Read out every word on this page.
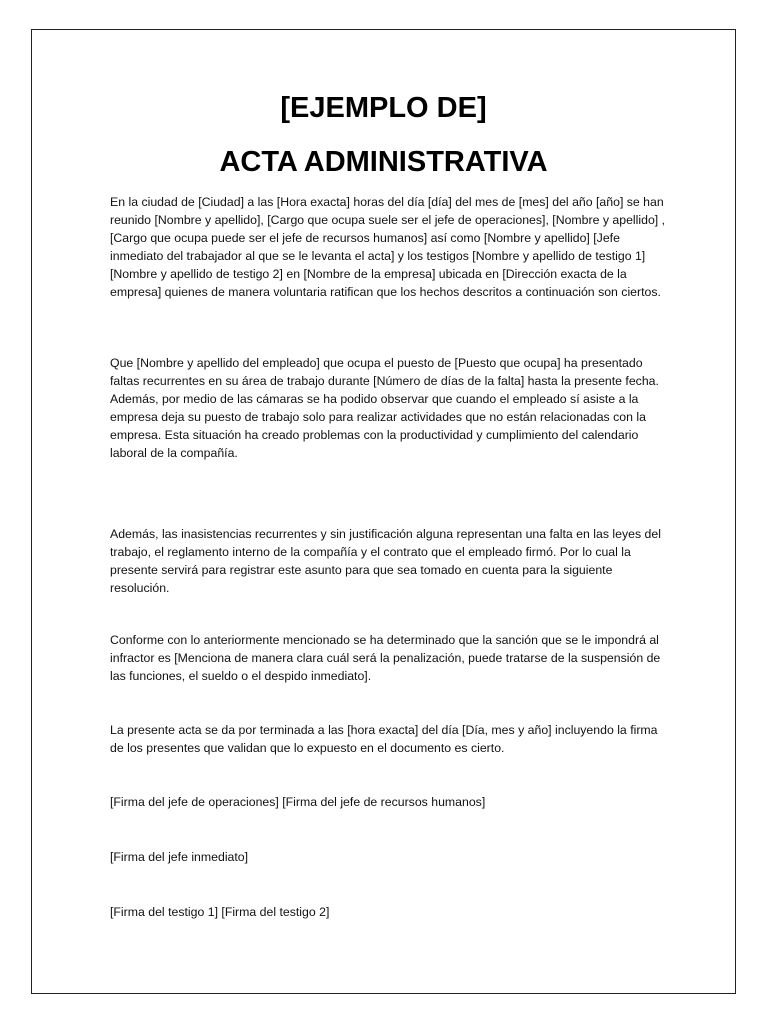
[EJEMPLO DE]
ACTA ADMINISTRATIVA

En la ciudad de [Ciudad] a las [Hora exacta] horas del día [día] del mes de [mes] del año [año] se han reunido [Nombre y apellido], [Cargo que ocupa suele ser el jefe de operaciones], [Nombre y apellido] , [Cargo que ocupa puede ser el jefe de recursos humanos] así como [Nombre y apellido] [Jefe inmediato del trabajador al que se le levanta el acta] y los testigos [Nombre y apellido de testigo 1] [Nombre y apellido de testigo 2] en [Nombre de la empresa] ubicada en [Dirección exacta de la empresa] quienes de manera voluntaria ratifican que los hechos descritos a continuación son ciertos.

Que [Nombre y apellido del empleado] que ocupa el puesto de [Puesto que ocupa] ha presentado faltas recurrentes en su área de trabajo durante [Número de días de la falta] hasta la presente fecha. Además, por medio de las cámaras se ha podido observar que cuando el empleado sí asiste a la empresa deja su puesto de trabajo solo para realizar actividades que no están relacionadas con la empresa. Esta situación ha creado problemas con la productividad y cumplimiento del calendario laboral de la compañía.

Además, las inasistencias recurrentes y sin justificación alguna representan una falta en las leyes del trabajo, el reglamento interno de la compañía y el contrato que el empleado firmó. Por lo cual la presente servirá para registrar este asunto para que sea tomado en cuenta para la siguiente resolución.

Conforme con lo anteriormente mencionado se ha determinado que la sanción que se le impondrá al infractor es [Menciona de manera clara cuál será la penalización, puede tratarse de la suspensión de las funciones, el sueldo o el despido inmediato].

La presente acta se da por terminada a las [hora exacta] del día [Día, mes y año] incluyendo la firma de los presentes que validan que lo expuesto en el documento es cierto.

[Firma del jefe de operaciones] [Firma del jefe de recursos humanos]

[Firma del jefe inmediato]

[Firma del testigo 1] [Firma del testigo 2]
